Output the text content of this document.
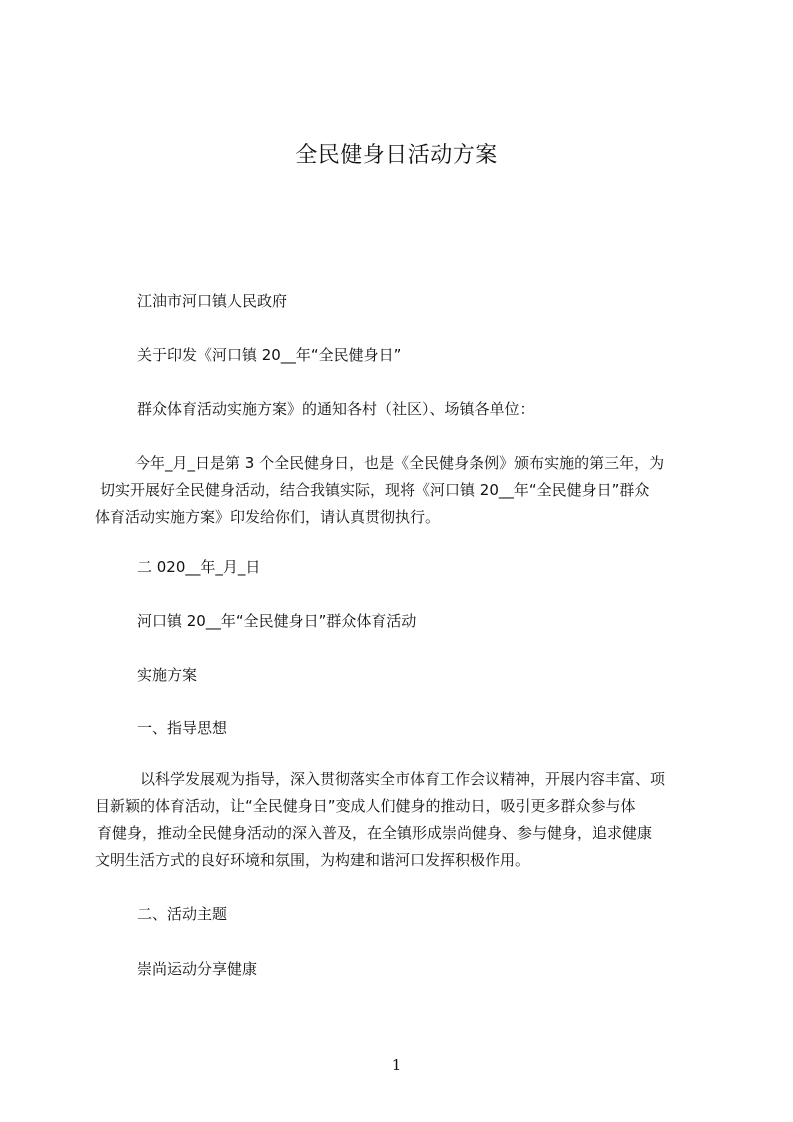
全民健身日活动方案
江油市河口镇人民政府
关于印发《河口镇 20__年“全民健身日”
群众体育活动实施方案》的通知各村（社区）、场镇各单位：
今年_月_日是第 3 个全民健身日，也是《全民健身条例》颁布实施的第三年，为
切实开展好全民健身活动，结合我镇实际，现将《河口镇 20__年“全民健身日”群众
体育活动实施方案》印发给你们，请认真贯彻执行。
二 020__年_月_日
河口镇 20__年“全民健身日”群众体育活动
实施方案
一、指导思想
以科学发展观为指导，深入贯彻落实全市体育工作会议精神，开展内容丰富、项
目新颖的体育活动，让“全民健身日”变成人们健身的推动日，吸引更多群众参与体
育健身，推动全民健身活动的深入普及，在全镇形成崇尚健身、参与健身，追求健康
文明生活方式的良好环境和氛围，为构建和谐河口发挥积极作用。
二、活动主题
崇尚运动分享健康
1
